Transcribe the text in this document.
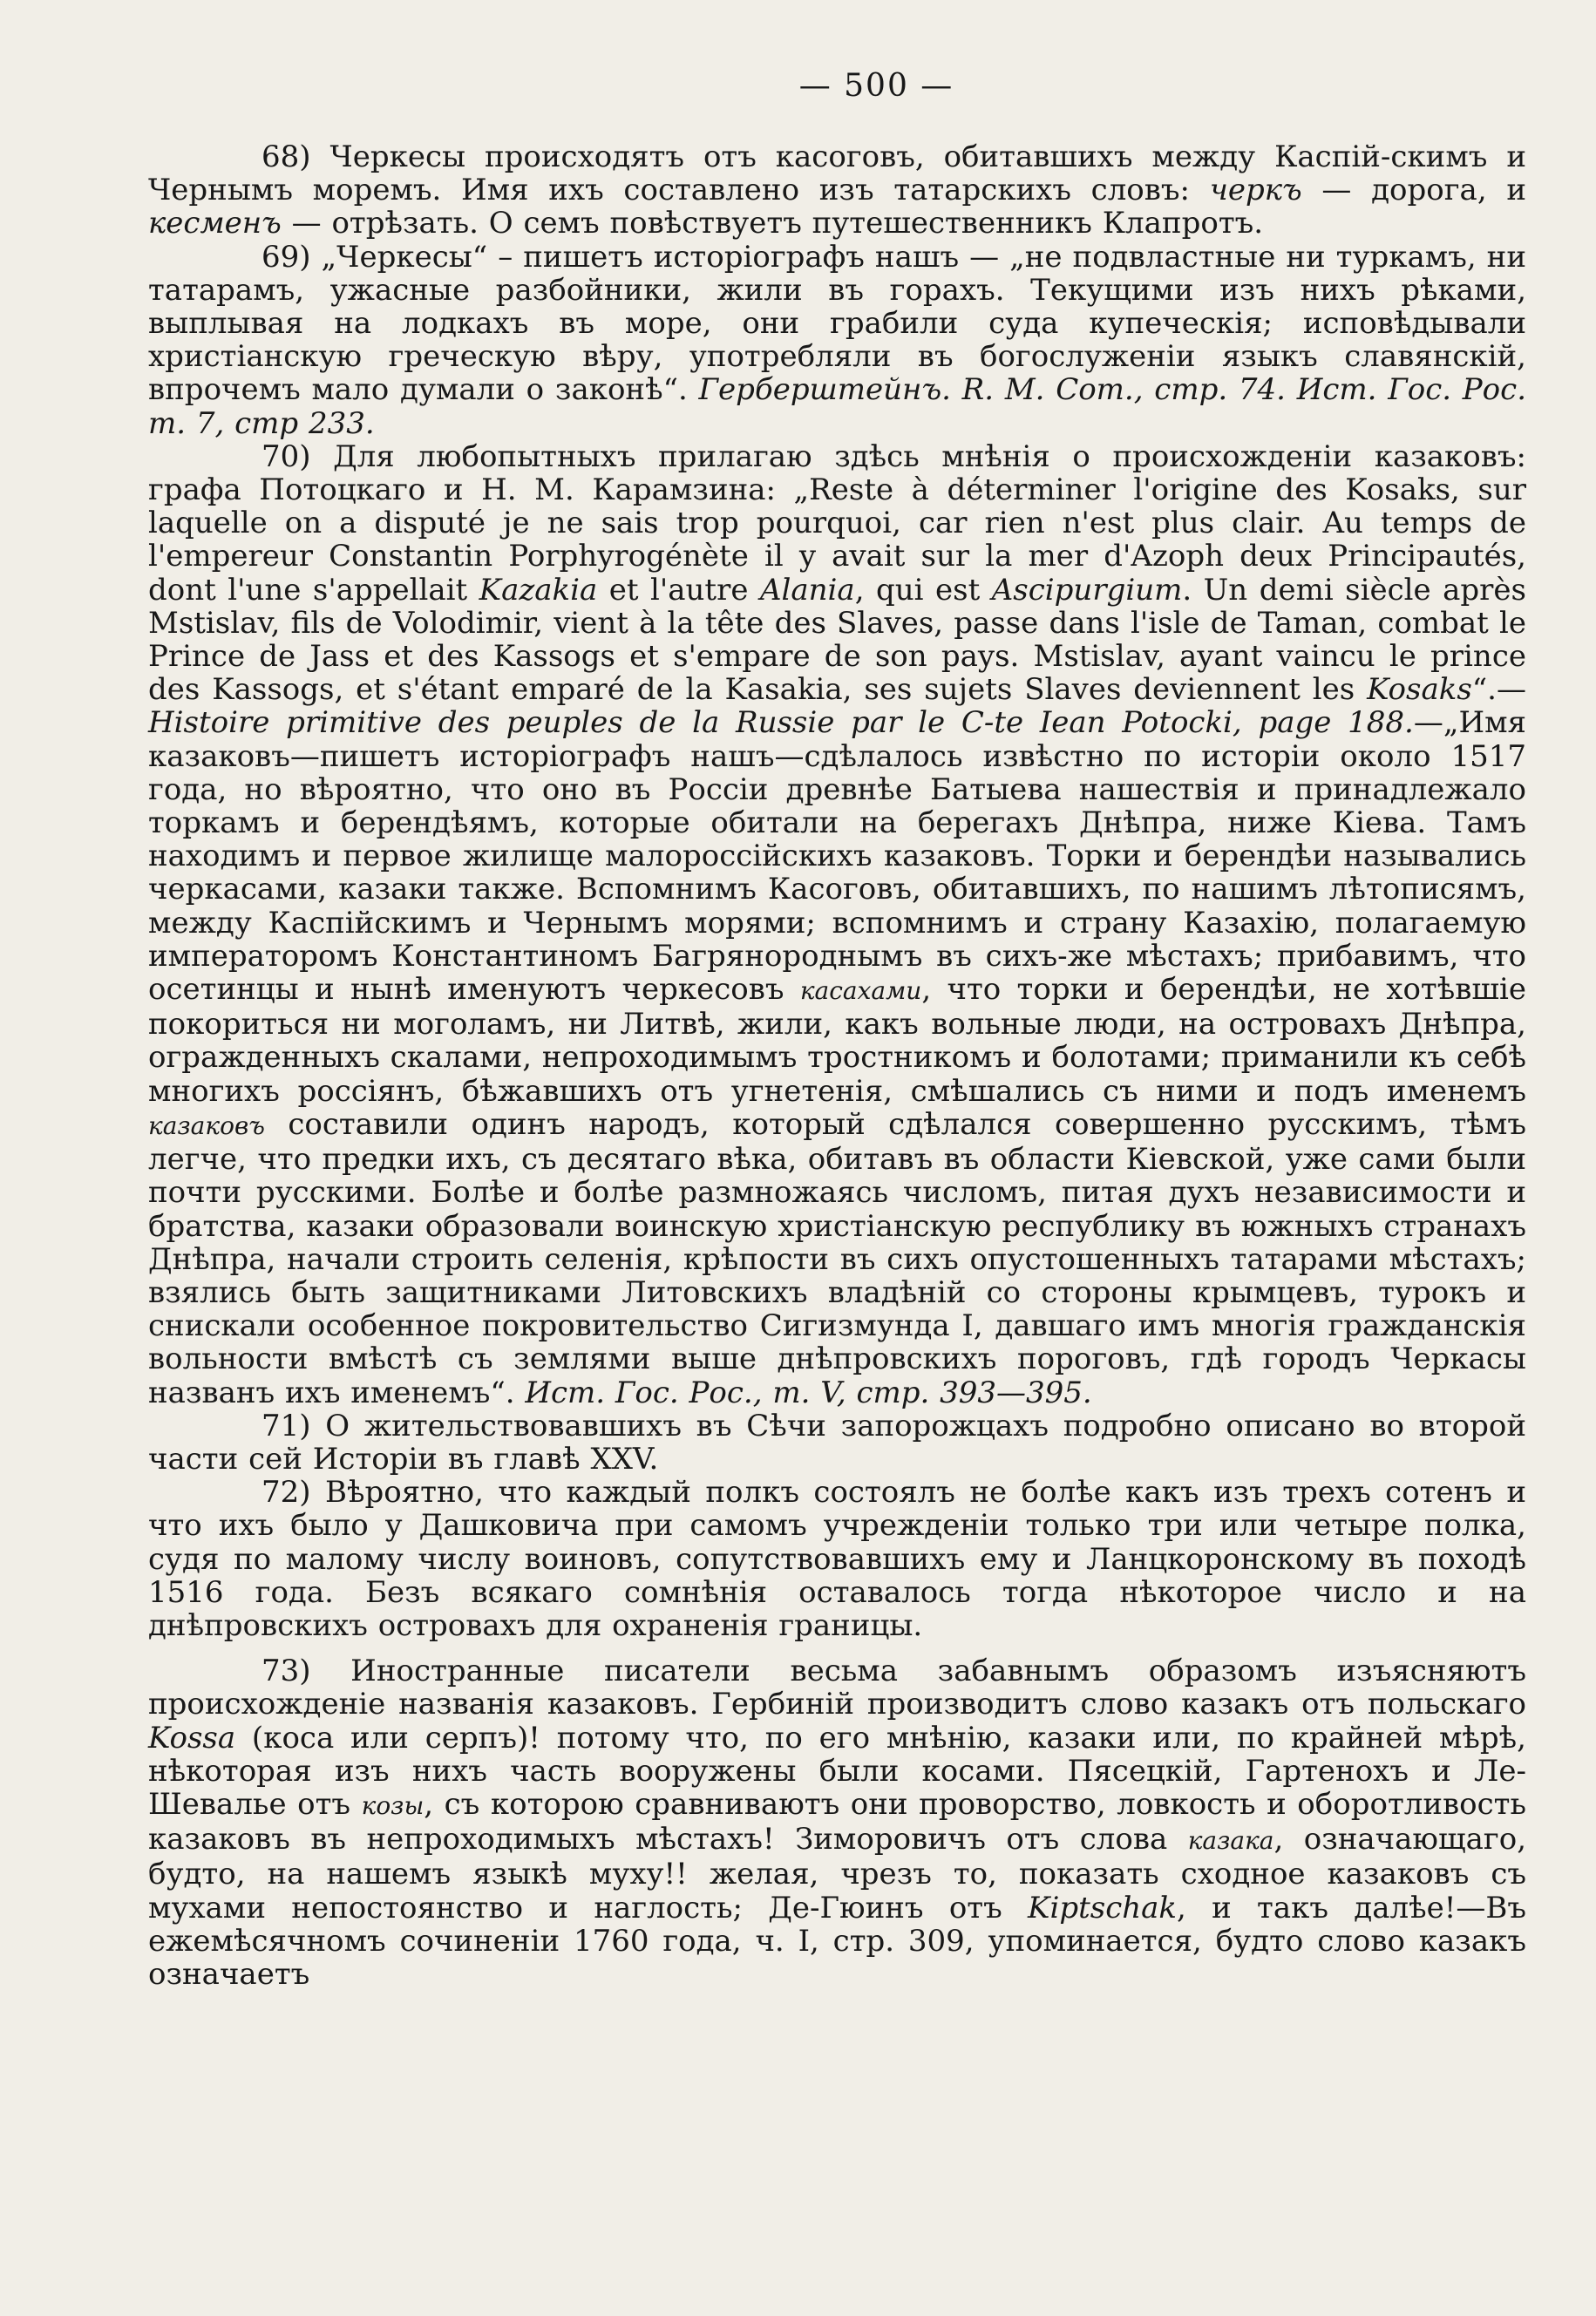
— 500 —

68) Черкесы происходятъ отъ касоговъ, обитавшихъ между Каспій-скимъ и Чернымъ моремъ. Имя ихъ составлено изъ татарскихъ словъ: черкъ — дорога, и кесменъ — отрѣзать. О семъ повѣствуетъ путешественникъ Клапротъ.

69) „Черкесы“ – пишетъ исторіографъ нашъ — „не подвластные ни туркамъ, ни татарамъ, ужасные разбойники, жили въ горахъ. Текущими изъ нихъ рѣками, выплывая на лодкахъ въ море, они грабили суда купеческія; исповѣдывали христіанскую греческую вѣру, употребляли въ богослуженіи языкъ славянскій, впрочемъ мало думали о законѣ“. Герберштейнъ. R. M. Cот., стр. 74. Ист. Гос. Рос. т. 7, стр 233.

70) Для любопытныхъ прилагаю здѣсь мнѣнія о происхожденіи казаковъ: графа Потоцкаго и Н. М. Карамзина: „Reste à déterminer l'origine des Kosaks, sur laquelle on a disputé je ne sais trop pourquoi, car rien n'est plus clair. Au temps de l'empereur Constantin Porphyrogénète il y avait sur la mer d'Azoph deux Principautés, dont l'une s'appellait Kazakia et l'autre Alania, qui est Ascipurgium. Un demi siècle après Mstislav, fils de Volodimir, vient à la tête des Slaves, passe dans l'isle de Taman, combat le Prince de Jass et des Kassogs et s'empare de son pays. Mstislav, ayant vaincu le prince des Kassogs, et s'étant emparé de la Kasakia, ses sujets Slaves deviennent les Kosaks“.—Histoire primitive des peuples de la Russie par le C-te Iean Potocki, page 188.—„Имя казаковъ—пишетъ исторіографъ нашъ—сдѣлалось извѣстно по исторіи около 1517 года, но вѣроятно, что оно въ Россіи древнѣе Батыева нашествія и принадлежало торкамъ и берендѣямъ, которые обитали на берегахъ Днѣпра, ниже Кіева. Тамъ находимъ и первое жилище малороссійскихъ казаковъ. Торки и берендѣи назывались черкасами, казаки также. Вспомнимъ Касоговъ, обитавшихъ, по нашимъ лѣтописямъ, между Каспійскимъ и Чернымъ морями; вспомнимъ и страну Казахію, полагаемую императоромъ Константиномъ Багрянороднымъ въ сихъ-же мѣстахъ; прибавимъ, что осетинцы и нынѣ именуютъ черкесовъ касахами, что торки и берендѣи, не хотѣвшіе покориться ни моголамъ, ни Литвѣ, жили, какъ вольные люди, на островахъ Днѣпра, огражденныхъ скалами, непроходимымъ тростникомъ и болотами; приманили къ себѣ многихъ россіянъ, бѣжавшихъ отъ угнетенія, смѣшались съ ними и подъ именемъ казаковъ составили одинъ народъ, который сдѣлался совершенно русскимъ, тѣмъ легче, что предки ихъ, съ десятаго вѣка, обитавъ въ области Кіевской, уже сами были почти русскими. Болѣе и болѣе размножаясь числомъ, питая духъ независимости и братства, казаки образовали воинскую христіанскую республику въ южныхъ странахъ Днѣпра, начали строить селенія, крѣпости въ сихъ опустошенныхъ татарами мѣстахъ; взялись быть защитниками Литовскихъ владѣній со стороны крымцевъ, турокъ и снискали особенное покровительство Сигизмунда I, давшаго имъ многія гражданскія вольности вмѣстѣ съ землями выше днѣпровскихъ пороговъ, гдѣ городъ Черкасы названъ ихъ именемъ“. Ист. Гос. Рос., т. V, стр. 393—395.

71) О жительствовавшихъ въ Сѣчи запорожцахъ подробно описано во второй части сей Исторіи въ главѣ XXV.

72) Вѣроятно, что каждый полкъ состоялъ не болѣе какъ изъ трехъ сотенъ и что ихъ было у Дашковича при самомъ учрежденіи только три или четыре полка, судя по малому числу воиновъ, сопутствовавшихъ ему и Ланцкоронскому въ походѣ 1516 года. Безъ всякаго сомнѣнія оставалось тогда нѣкоторое число и на днѣпровскихъ островахъ для охраненія границы.

73) Иностранные писатели весьма забавнымъ образомъ изъясняютъ происхожденіе названія казаковъ. Гербиній производитъ слово казакъ отъ польскаго Kossa (коса или серпъ)! потому что, по его мнѣнію, казаки или, по крайней мѣрѣ, нѣкоторая изъ нихъ часть вооружены были косами. Пясецкій, Гартенохъ и Ле-Шевалье отъ козы, съ которою сравниваютъ они проворство, ловкость и оборотливость казаковъ въ непроходимыхъ мѣстахъ! Зиморовичъ отъ слова казака, означающаго, будто, на нашемъ языкѣ муху!! желая, чрезъ то, показать сходное казаковъ съ мухами непостоянство и наглость; Де-Гюинъ отъ Kiptschak, и такъ далѣе!—Въ ежемѣсячномъ сочиненіи 1760 года, ч. I, стр. 309, упоминается, будто слово казакъ означаетъ
